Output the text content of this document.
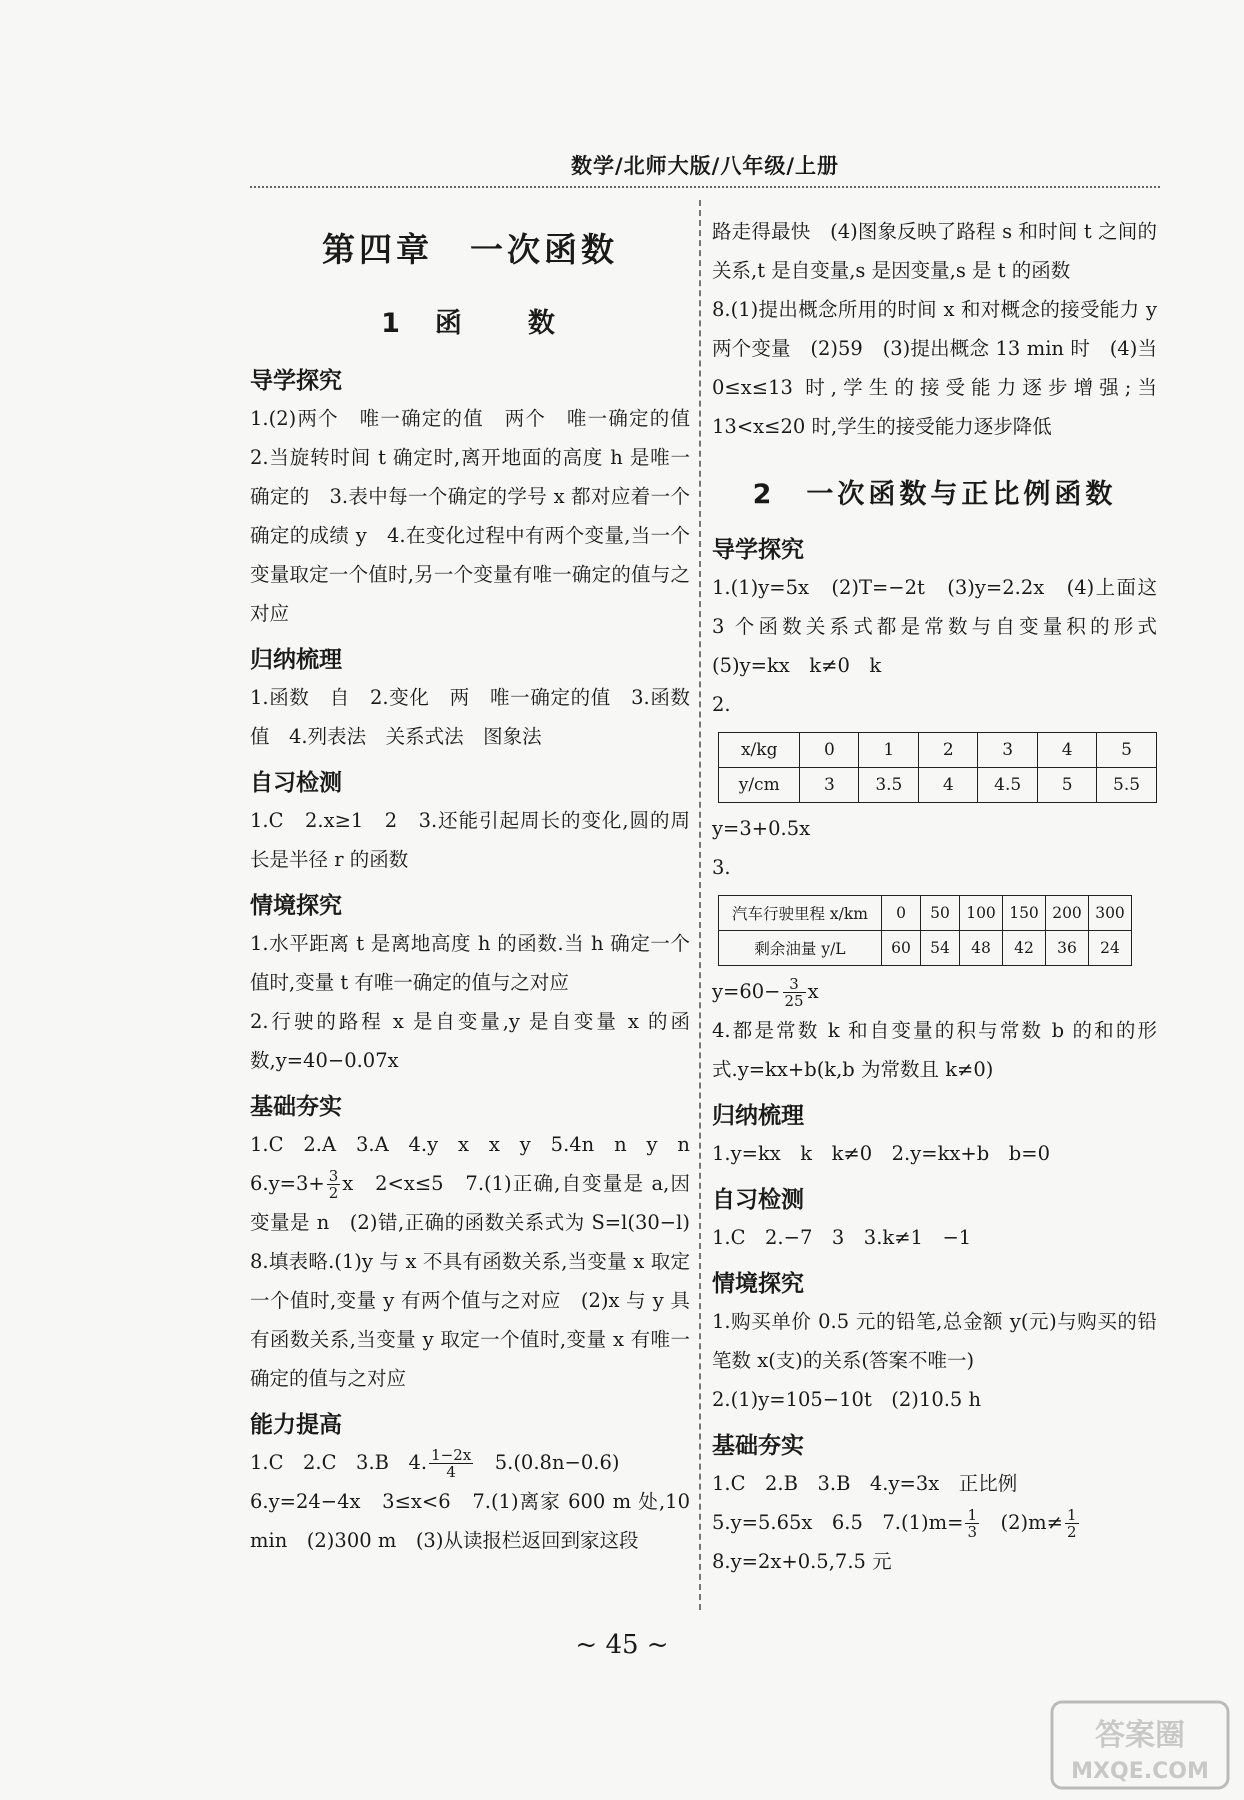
数学/北师大版/八年级/上册
第四章　一次函数
1　函　　数
导学探究

1.(2)两个　唯一确定的值　两个　唯一确定的值　2.当旋转时间 t 确定时,离开地面的高度 h 是唯一确定的　3.表中每一个确定的学号 x 都对应着一个确定的成绩 y　4.在变化过程中有两个变量,当一个变量取定一个值时,另一个变量有唯一确定的值与之对应

归纳梳理

1.函数　自　2.变化　两　唯一确定的值　3.函数值　4.列表法　关系式法　图象法

自习检测

1.C　2.x≥1　2　3.还能引起周长的变化,圆的周长是半径 r 的函数

情境探究

1.水平距离 t 是离地高度 h 的函数.当 h 确定一个值时,变量 t 有唯一确定的值与之对应

2.行驶的路程 x 是自变量,y 是自变量 x 的函数,y=40−0.07x

基础夯实

1.C　2.A　3.A　4.y　x　x　y　5.4n　n　y　n　$6.y=3+ \frac{3}{2}$ x　2<x≤5　7.(1)正确,自变量是 a,因变量是 n　(2)错,正确的函数关系式为 S=l(30−l)　8.填表略.(1)y 与 x 不具有函数关系,当变量 x 取定一个值时,变量 y 有两个值与之对应　(2)x 与 y 具有函数关系,当变量 y 取定一个值时,变量 x 有唯一确定的值与之对应

能力提高

1.C　2.C　3.B　4. $\frac{1-2x}{4}$ 　5.(0.8n−0.6)

6.y=24−4x　3≤x<6　7.(1)离家 600 m 处,10 min　(2)300 m　(3)从读报栏返回到家这段

路走得最快　(4)图象反映了路程 s 和时间 t 之间的关系,t 是自变量,s 是因变量,s 是 t 的函数

8.(1)提出概念所用的时间 x 和对概念的接受能力 y 两个变量　(2)59　(3)提出概念 13 min 时　(4)当 0≤x≤13 时,学生的接受能力逐步增强;当 13<x≤20 时,学生的接受能力逐步降低

2　一次函数与正比例函数
导学探究

1.(1)y=5x　(2)T=−2t　(3)y=2.2x　(4)上面这 3 个函数关系式都是常数与自变量积的形式　(5)y=kx　k≠0　k

2.

x/kg	0	1	2	3	4	5
y/cm	3	3.5	4	4.5	5	5.5

y=3+0.5x

3.

汽车行驶里程 x/km	0	50	100	150	200	300
剩余油量 y/L	60	54	48	42	36	24

$y=60- \frac{3}{25}$ x

4.都是常数 k 和自变量的积与常数 b 的和的形式.y=kx+b(k,b 为常数且 k≠0)

归纳梳理

1.y=kx　k　k≠0　2.y=kx+b　b=0

自习检测

1.C　2.−7　3　3.k≠1　−1

情境探究

1.购买单价 0.5 元的铅笔,总金额 y(元)与购买的铅笔数 x(支)的关系(答案不唯一)

2.(1)y=105−10t　(2)10.5 h

基础夯实

1.C　2.B　3.B　4.y=3x　正比例

5.y=5.65x　6.5　$7.(1)m= \frac{1}{3}$ 　$(2)m\ne \frac{1}{2}$

8.y=2x+0.5,7.5 元

~ 45 ~
答案圈
MXQE.COM
